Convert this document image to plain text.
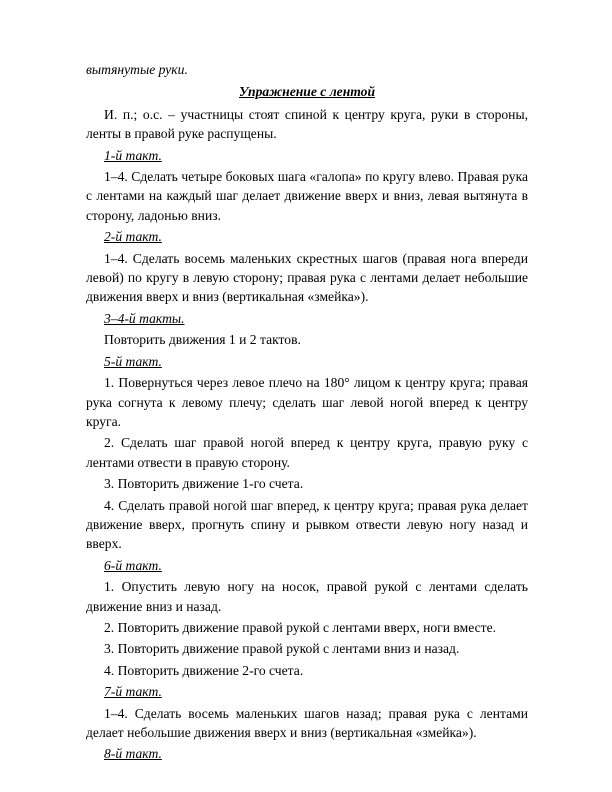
вытянутые руки.

Упражнение с лентой

И. п.; о.с. – участницы стоят спиной к центру круга, руки в стороны, ленты в правой руке распущены.

1-й такт.

1–4. Сделать четыре боковых шага «галопа» по кругу влево. Правая рука с лентами на каждый шаг делает движение вверх и вниз, левая вытянута в сторону, ладонью вниз.

2-й такт.

1–4. Сделать восемь маленьких скрестных шагов (правая нога впереди левой) по кругу в левую сторону; правая рука с лентами делает небольшие движения вверх и вниз (вертикальная «змейка»).

3–4-й такты.

Повторить движения 1 и 2 тактов.

5-й такт.

1. Повернуться через левое плечо на 180° лицом к центру круга; правая рука согнута к левому плечу; сделать шаг левой ногой вперед к центру круга.

2. Сделать шаг правой ногой вперед к центру круга, правую руку с лентами отвести в правую сторону.

3. Повторить движение 1-го счета.

4. Сделать правой ногой шаг вперед, к центру круга; правая рука делает движение вверх, прогнуть спину и рывком отвести левую ногу назад и вверх.

6-й такт.

1. Опустить левую ногу на носок, правой рукой с лентами сделать движение вниз и назад.

2. Повторить движение правой рукой с лентами вверх, ноги вместе.

3. Повторить движение правой рукой с лентами вниз и назад.

4. Повторить движение 2-го счета.

7-й такт.

1–4. Сделать восемь маленьких шагов назад; правая рука с лентами делает небольшие движения вверх и вниз (вертикальная «змейка»).

8-й такт.
